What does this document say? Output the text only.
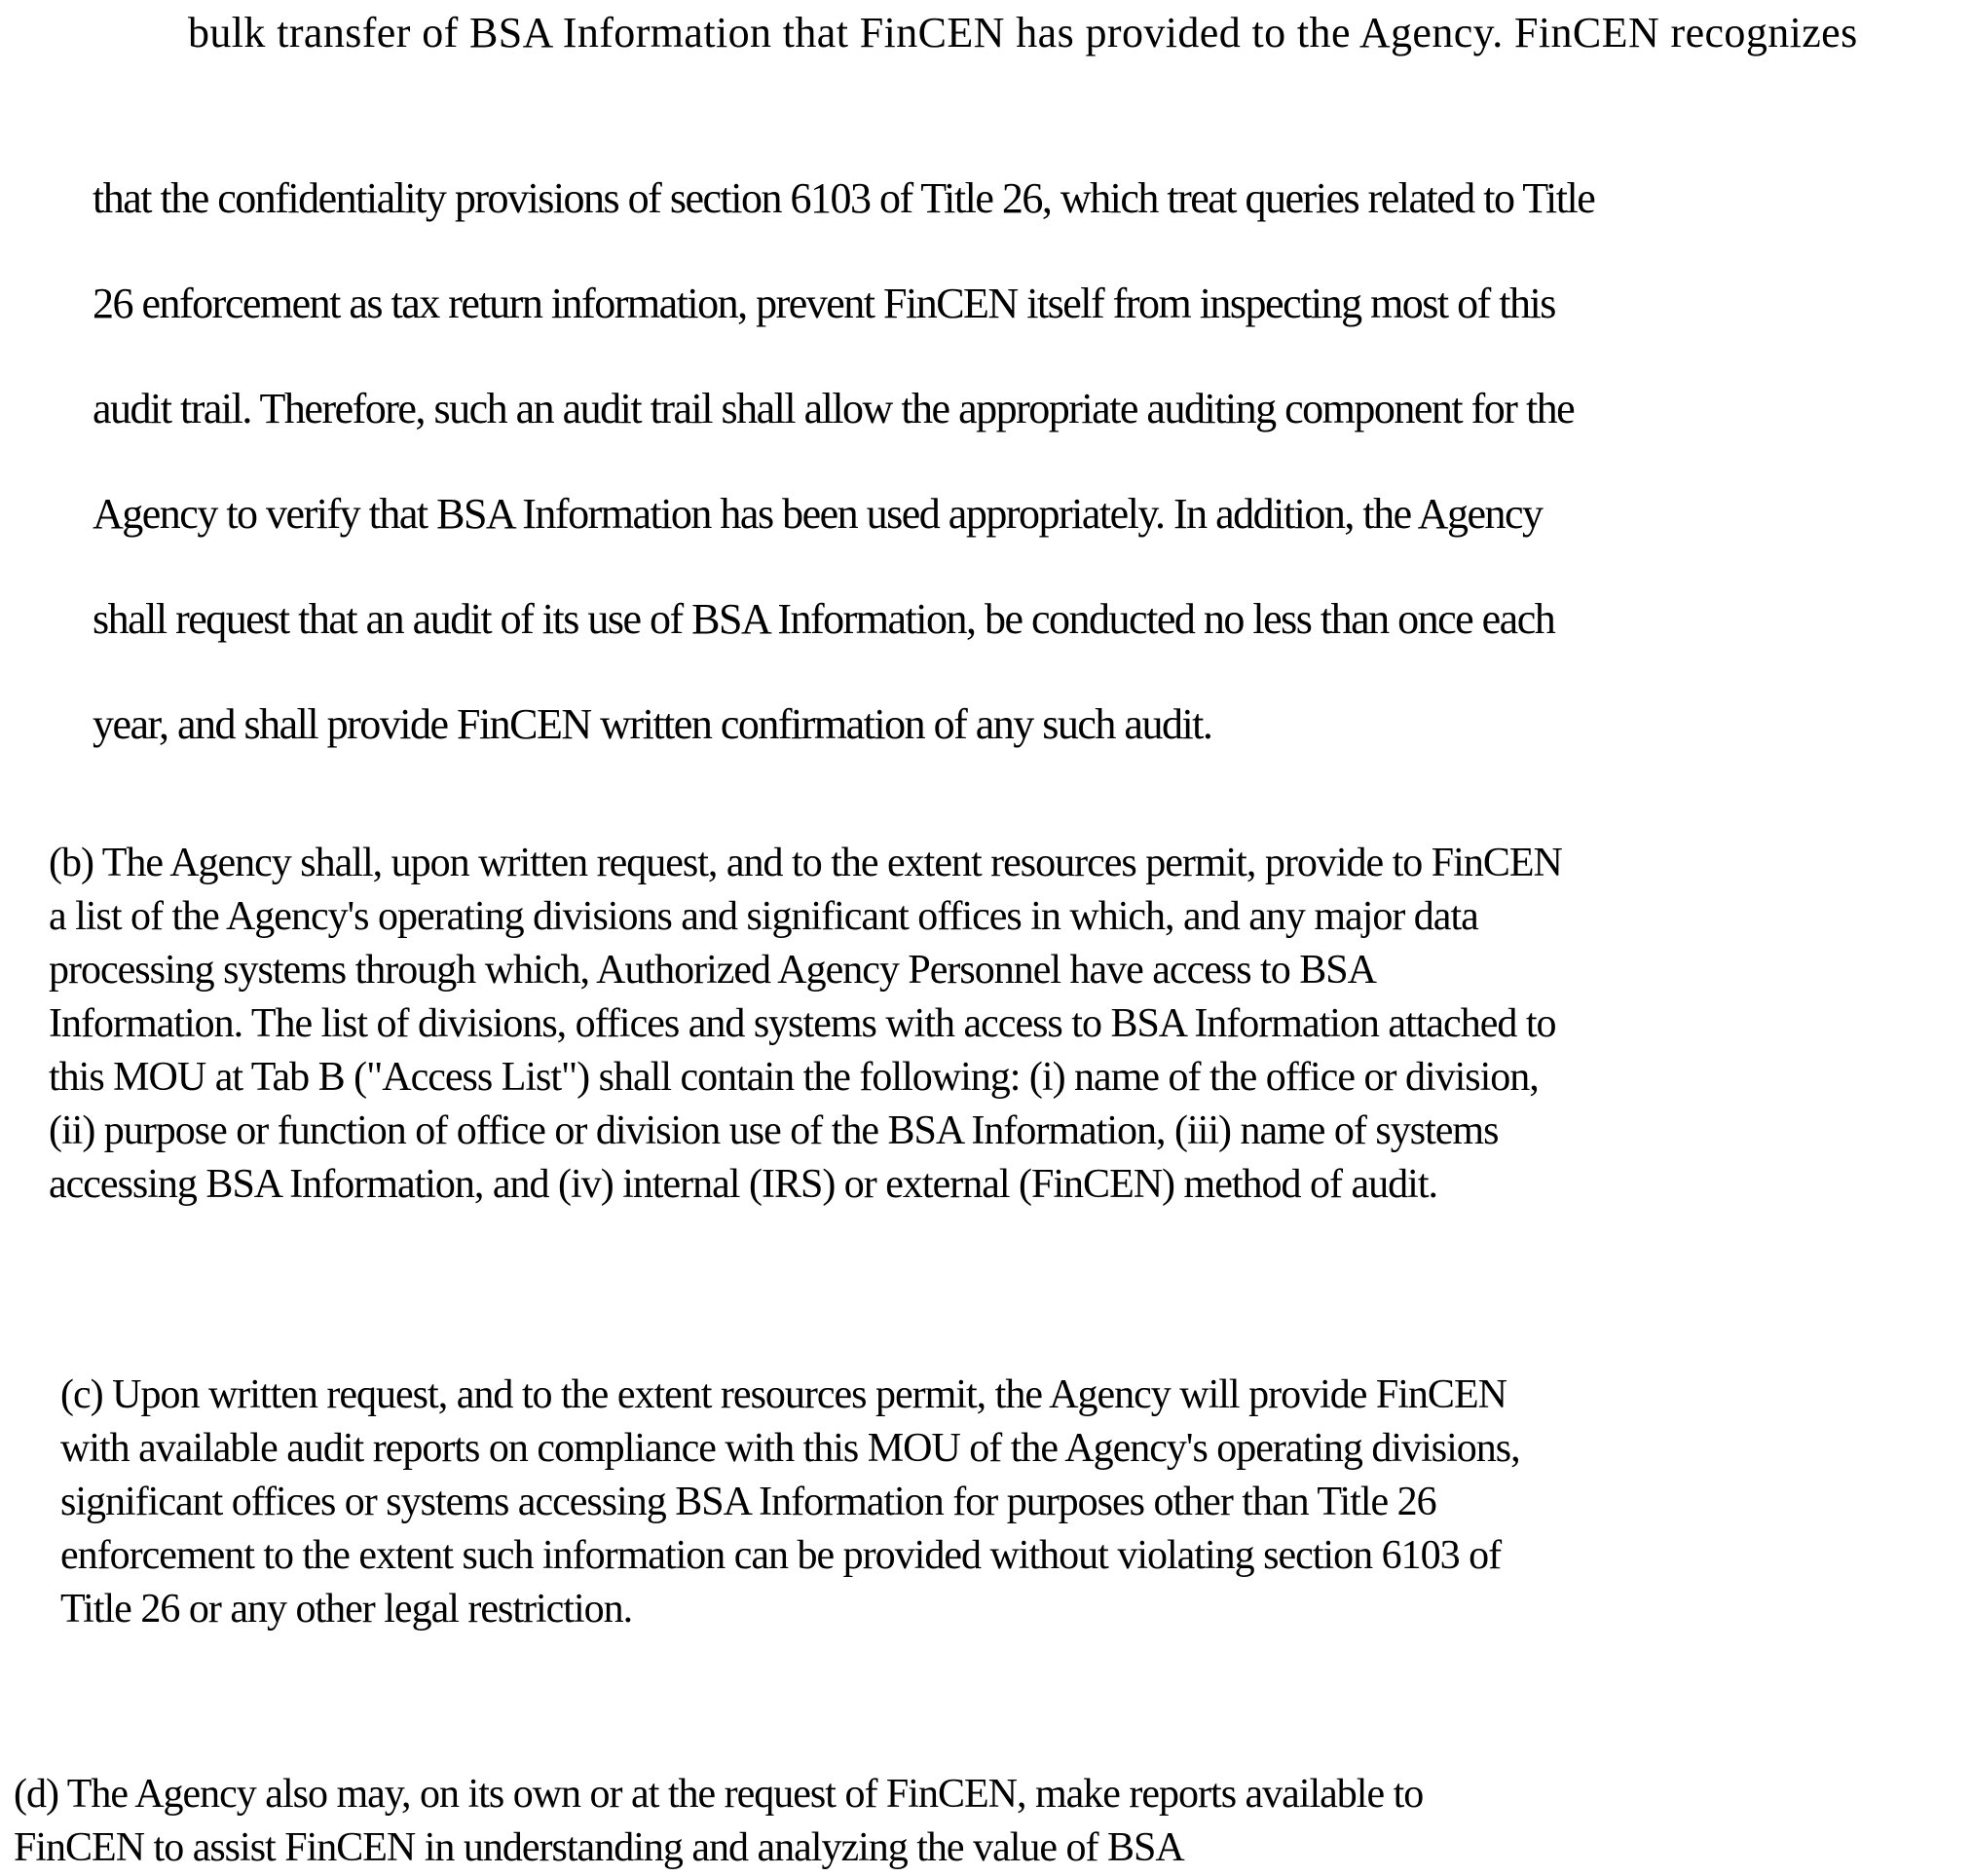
bulk transfer of BSA Information that FinCEN has provided to the Agency. FinCEN recognizes
that the confidentiality provisions of section 6103 of Title 26, which treat queries related to Title
26 enforcement as tax return information, prevent FinCEN itself from inspecting most of this
audit trail. Therefore, such an audit trail shall allow the appropriate auditing component for the
Agency to verify that BSA Information has been used appropriately. In addition, the Agency
shall request that an audit of its use of BSA Information, be conducted no less than once each
year, and shall provide FinCEN written confirmation of any such audit.
(b) The Agency shall, upon written request, and to the extent resources permit, provide to FinCEN
a list of the Agency's operating divisions and significant offices in which, and any major data
processing systems through which, Authorized Agency Personnel have access to BSA
Information. The list of divisions, offices and systems with access to BSA Information attached to
this MOU at Tab B ("Access List") shall contain the following: (i) name of the office or division,
(ii) purpose or function of office or division use of the BSA Information, (iii) name of systems
accessing BSA Information, and (iv) internal (IRS) or external (FinCEN) method of audit.
(c) Upon written request, and to the extent resources permit, the Agency will provide FinCEN
with available audit reports on compliance with this MOU of the Agency's operating divisions,
significant offices or systems accessing BSA Information for purposes other than Title 26
enforcement to the extent such information can be provided without violating section 6103 of
Title 26 or any other legal restriction.
(d) The Agency also may, on its own or at the request of FinCEN, make reports available to
FinCEN to assist FinCEN in understanding and analyzing the value of BSA
